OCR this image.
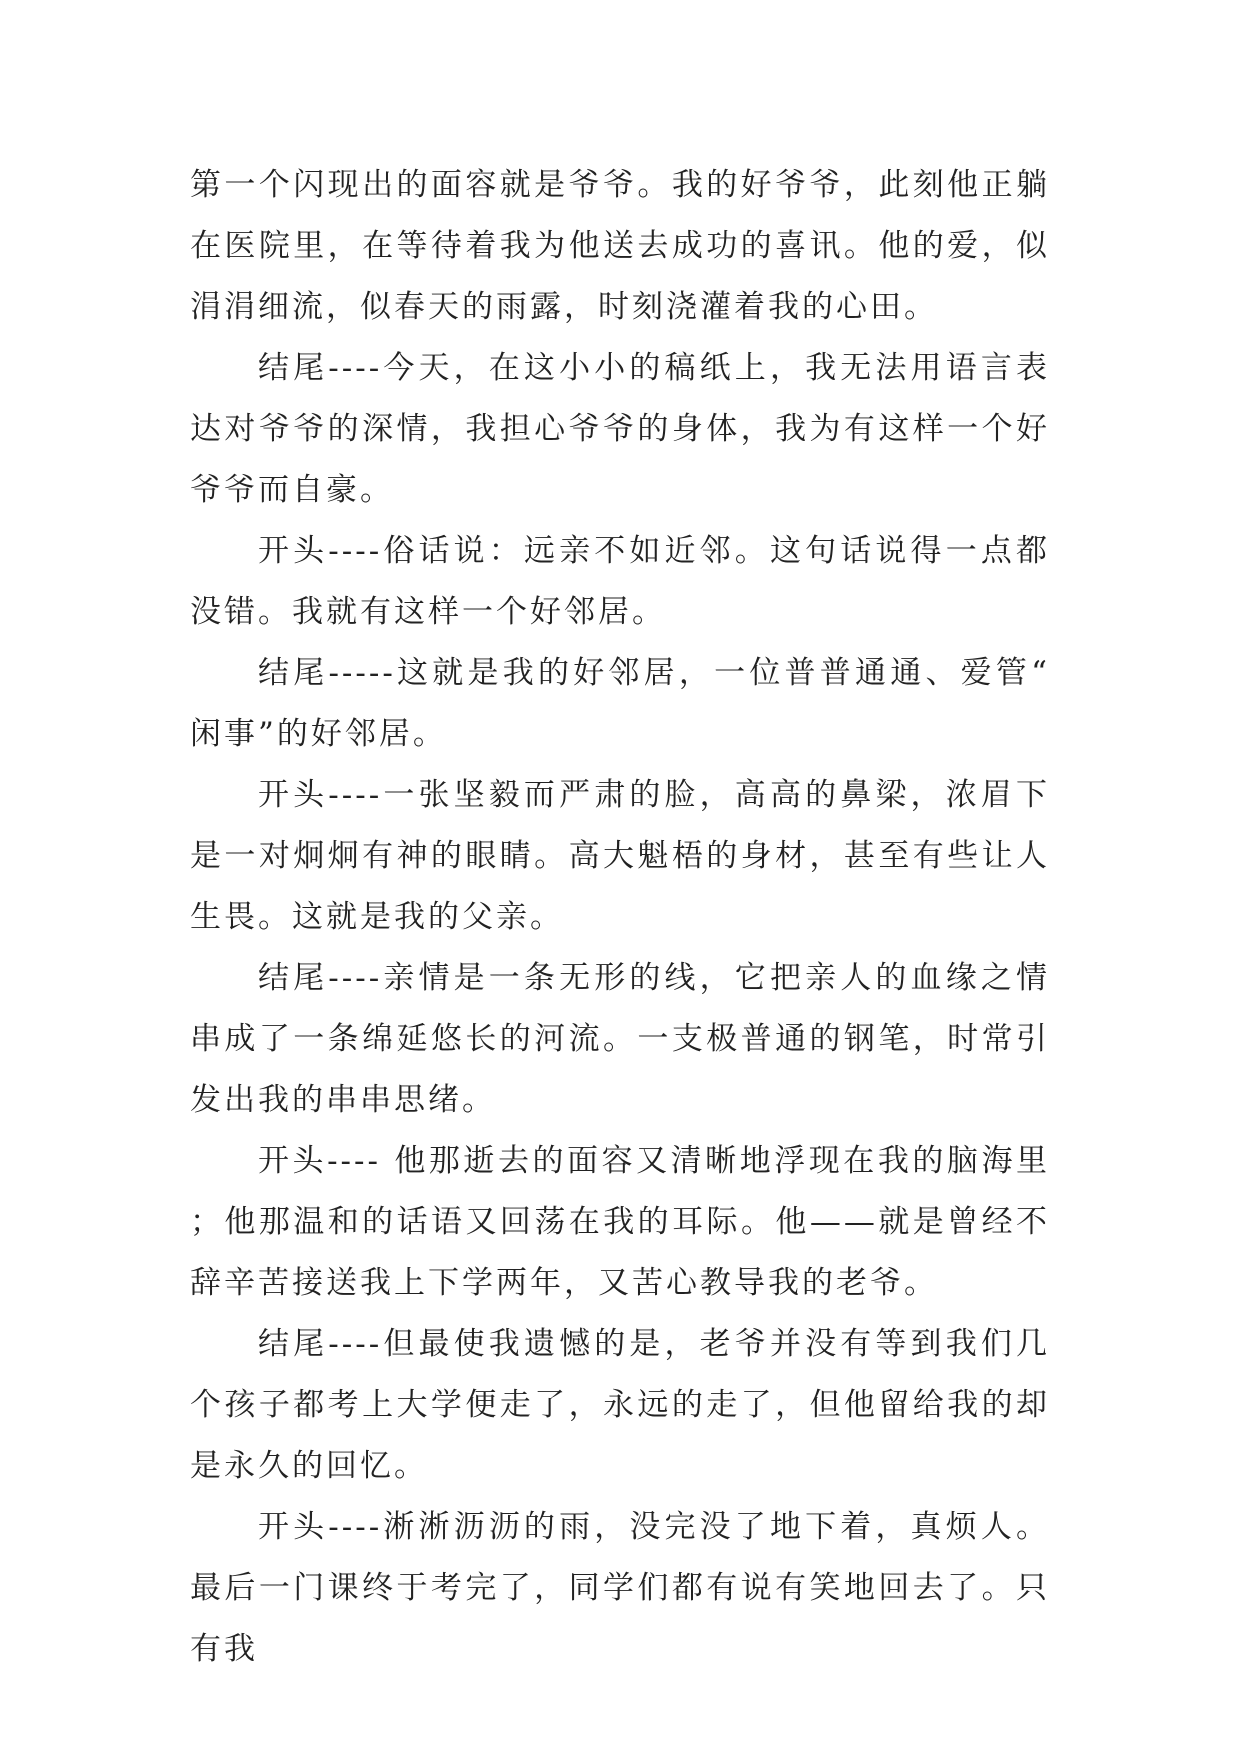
第一个闪现出的面容就是爷爷。我的好爷爷，此刻他正躺在医院里，在等待着我为他送去成功的喜讯。他的爱，似涓涓细流，似春天的雨露，时刻浇灌着我的心田。

结尾----今天，在这小小的稿纸上，我无法用语言表达对爷爷的深情，我担心爷爷的身体，我为有这样一个好爷爷而自豪。

开头----俗话说：远亲不如近邻。这句话说得一点都没错。我就有这样一个好邻居。

结尾-----这就是我的好邻居，一位普普通通、爱管“闲事”的好邻居。

开头----一张坚毅而严肃的脸，高高的鼻梁，浓眉下是一对炯炯有神的眼睛。高大魁梧的身材，甚至有些让人生畏。这就是我的父亲。

结尾----亲情是一条无形的线，它把亲人的血缘之情串成了一条绵延悠长的河流。一支极普通的钢笔，时常引发出我的串串思绪。

开头---- 他那逝去的面容又清晰地浮现在我的脑海里；他那温和的话语又回荡在我的耳际。他——就是曾经不辞辛苦接送我上下学两年，又苦心教导我的老爷。

结尾----但最使我遗憾的是，老爷并没有等到我们几个孩子都考上大学便走了，永远的走了，但他留给我的却是永久的回忆。

开头----淅淅沥沥的雨，没完没了地下着，真烦人。最后一门课终于考完了，同学们都有说有笑地回去了。只有我
